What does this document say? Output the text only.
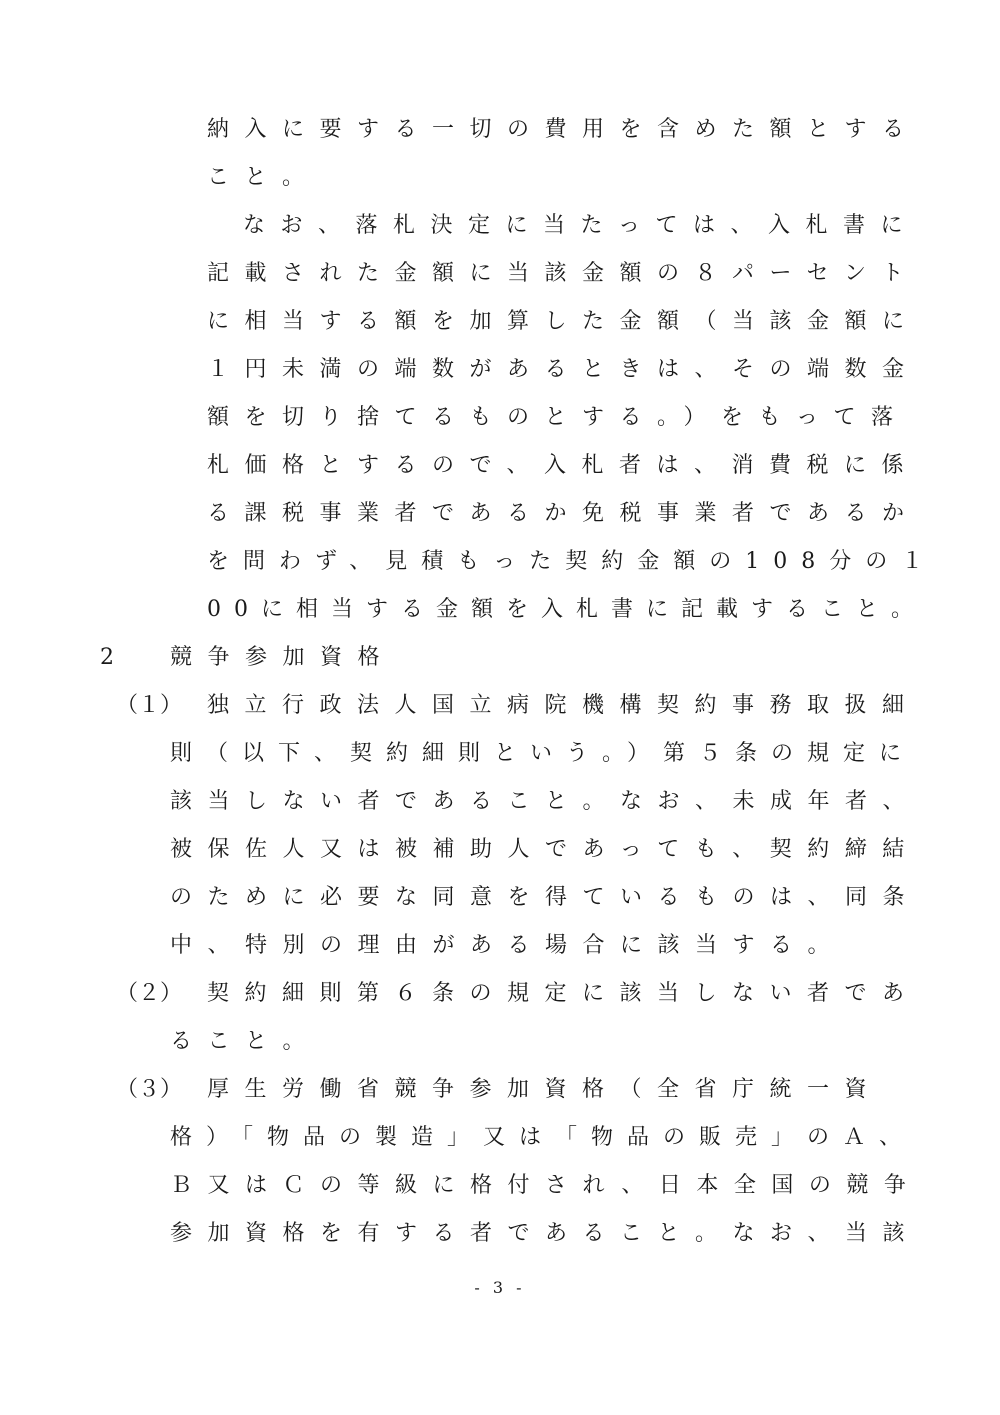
納入に要する一切の費用を含めた額とする
こと。
なお、落札決定に当たっては、入札書に
記載された金額に当該金額の８パーセント
に相当する額を加算した金額（当該金額に
１円未満の端数があるときは、その端数金
額を切り捨てるものとする。）をもって落
札価格とするので、入札者は、消費税に係
る課税事業者であるか免税事業者であるか
を問わず、見積もった契約金額の108分の１
00に相当する金額を入札書に記載すること。
2 競争参加資格
（１） 独立行政法人国立病院機構契約事務取扱細
則（以下、契約細則という。）第５条の規定に
該当しない者であること。なお、未成年者、
被保佐人又は被補助人であっても、契約締結
のために必要な同意を得ているものは、同条
中、特別の理由がある場合に該当する。
（２） 契約細則第６条の規定に該当しない者であ
ること。
（３） 厚生労働省競争参加資格（全省庁統一資
格）「物品の製造」又は「物品の販売」のＡ、
Ｂ又はＣの等級に格付され、日本全国の競争
参加資格を有する者であること。なお、当該
- 3 -
